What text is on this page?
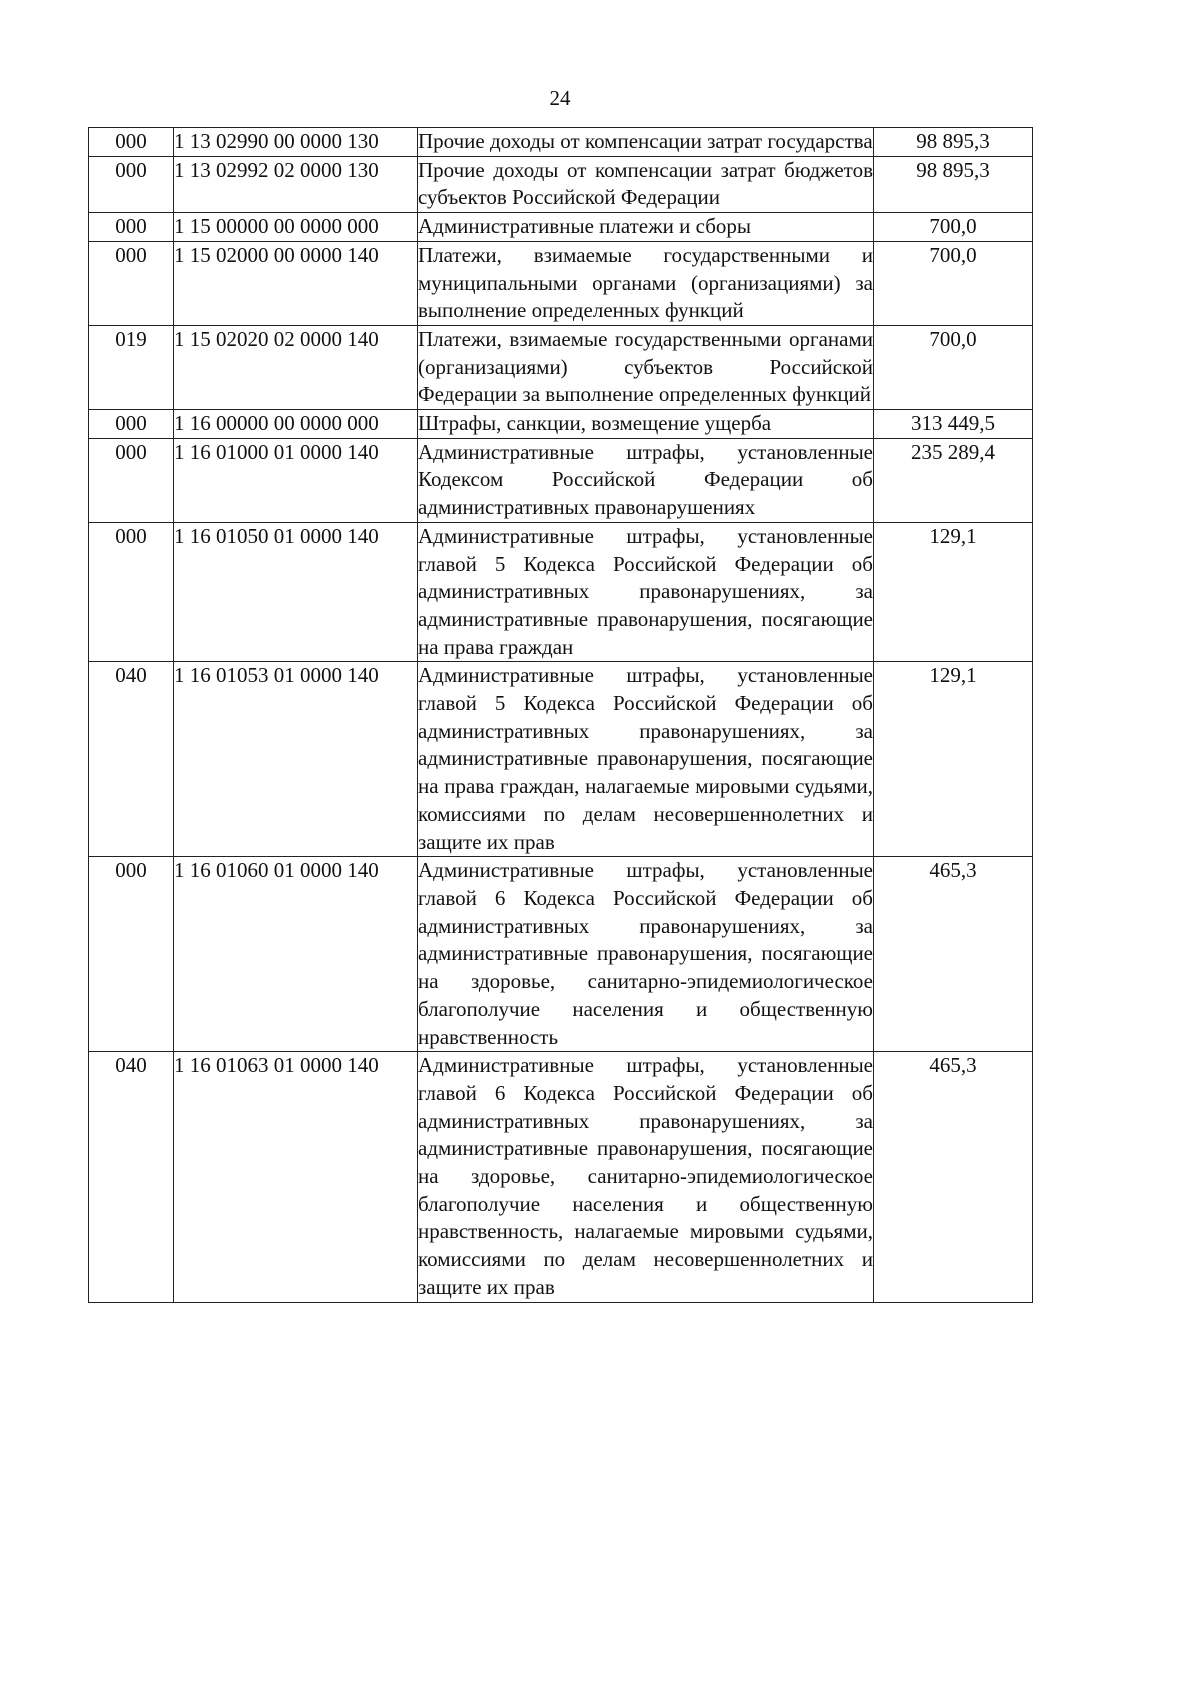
24
000	1 13 02990 00 0000 130	Прочие доходы от компенсации затрат государства	98 895,3
000	1 13 02992 02 0000 130	Прочие доходы от компенсации затрат бюджетов субъектов Российской Федерации	98 895,3
000	1 15 00000 00 0000 000	Административные платежи и сборы	700,0
000	1 15 02000 00 0000 140	Платежи, взимаемые государственными и муниципальными органами (организациями) за выполнение определенных функций	700,0
019	1 15 02020 02 0000 140	Платежи, взимаемые государственными органами (организациями) субъектов Российской Федерации за выполнение определенных функций	700,0
000	1 16 00000 00 0000 000	Штрафы, санкции, возмещение ущерба	313 449,5
000	1 16 01000 01 0000 140	Административные штрафы, установленные Кодексом Российской Федерации об административных правонарушениях	235 289,4
000	1 16 01050 01 0000 140	Административные штрафы, установленные главой 5 Кодекса Российской Федерации об административных правонарушениях, за административные правонарушения, посягающие на права граждан	129,1
040	1 16 01053 01 0000 140	Административные штрафы, установленные главой 5 Кодекса Российской Федерации об административных правонарушениях, за административные правонарушения, посягающие на права граждан, налагаемые мировыми судьями, комиссиями по делам несовершеннолетних и защите их прав	129,1
000	1 16 01060 01 0000 140	Административные штрафы, установленные главой 6 Кодекса Российской Федерации об административных правонарушениях, за административные правонарушения, посягающие на здоровье, санитарно-эпидемиологическое благополучие населения и общественную нравственность	465,3
040	1 16 01063 01 0000 140	Административные штрафы, установленные главой 6 Кодекса Российской Федерации об административных правонарушениях, за административные правонарушения, посягающие на здоровье, санитарно-эпидемиологическое благополучие населения и общественную нравственность, налагаемые мировыми судьями, комиссиями по делам несовершеннолетних и защите их прав	465,3
